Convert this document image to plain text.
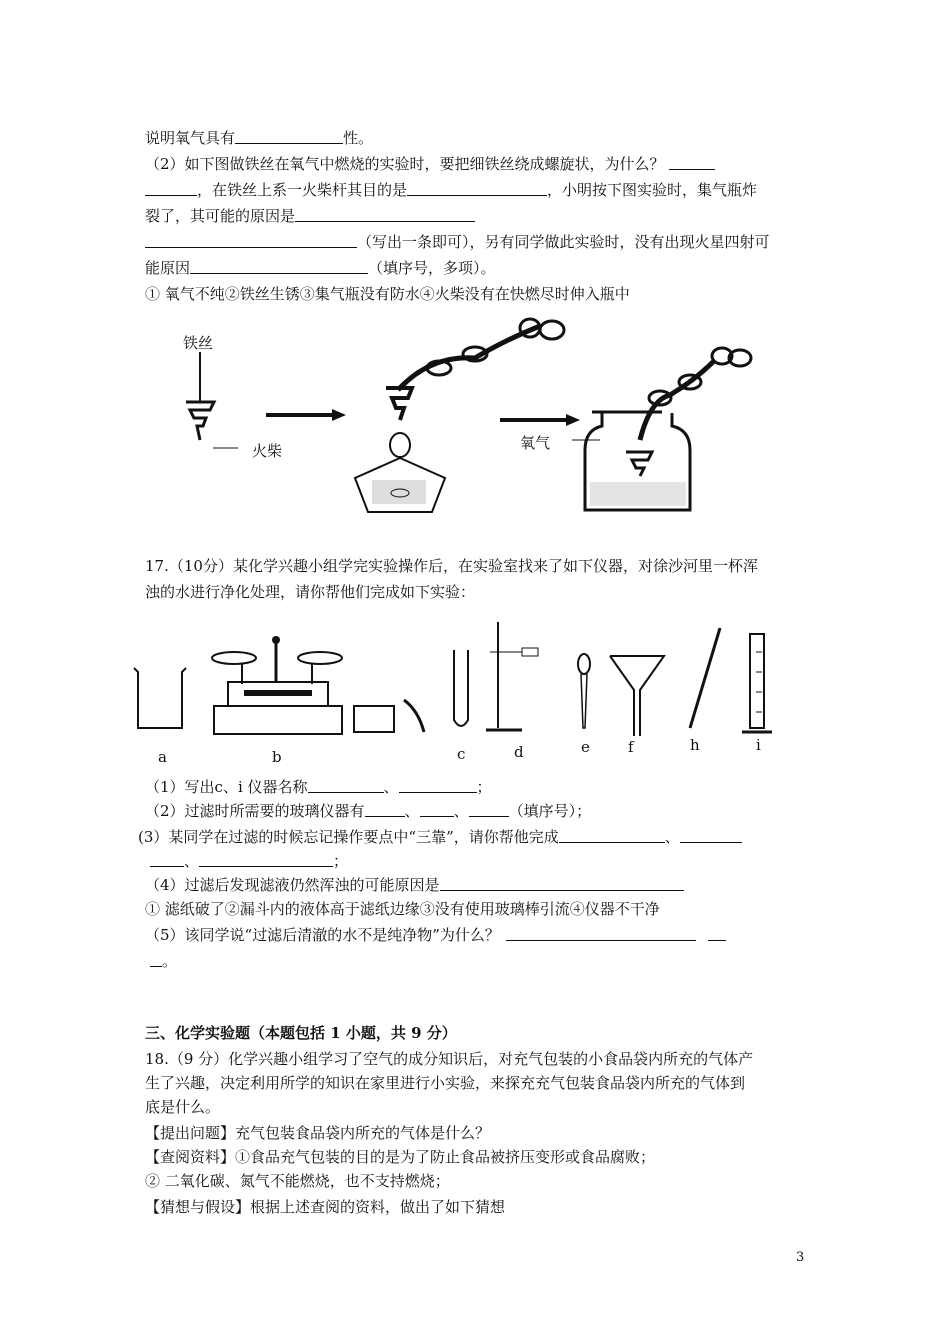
说明氧气具有	性。
（2）如下图做铁丝在氧气中燃烧的实验时，要把细铁丝绕成螺旋状，为什么？
，在铁丝上系一火柴杆其目的是	，小明按下图实验时，集气瓶炸
裂了，其可能的原因是
（写出一条即可），另有同学做此实验时，没有出现火星四射可
能原因	（填序号，多项）。
① 氧气不纯②铁丝生锈③集气瓶没有防水④火柴没有在快燃尽时伸入瓶中
铁丝
火柴	氧气
17.（10分）某化学兴趣小组学完实验操作后，在实验室找来了如下仪器，对徐沙河里一杯浑
浊的水进行净化处理，请你帮他们完成如下实验：
a	b	c	d	e	f	h	i
（1）写出c、i 仪器名称	、	；
（2）过滤时所需要的玻璃仪器有	、 、	（填序号）；
(3）某同学在过滤的时候忘记操作要点中“三靠”，请你帮他完成	、
、	；
（4）过滤后发现滤液仍然浑浊的可能原因是
① 滤纸破了②漏斗内的液体高于滤纸边缘③没有使用玻璃棒引流④仪器不干净
（5）该同学说“过滤后清澈的水不是纯净物”为什么？
。
三、化学实验题（本题包括 1 小题，共 9 分）
18.（9 分）化学兴趣小组学习了空气的成分知识后，对充气包装的小食品袋内所充的气体产
生了兴趣，决定利用所学的知识在家里进行小实验，来探充充气包装食品袋内所充的气体到
底是什么。
【提出问题】充气包装食品袋内所充的气体是什么？
【查阅资料】①食品充气包装的目的是为了防止食品被挤压变形或食品腐败；
② 二氧化碳、氮气不能燃烧，也不支持燃烧；
【猜想与假设】根据上述查阅的资料，做出了如下猜想
3
